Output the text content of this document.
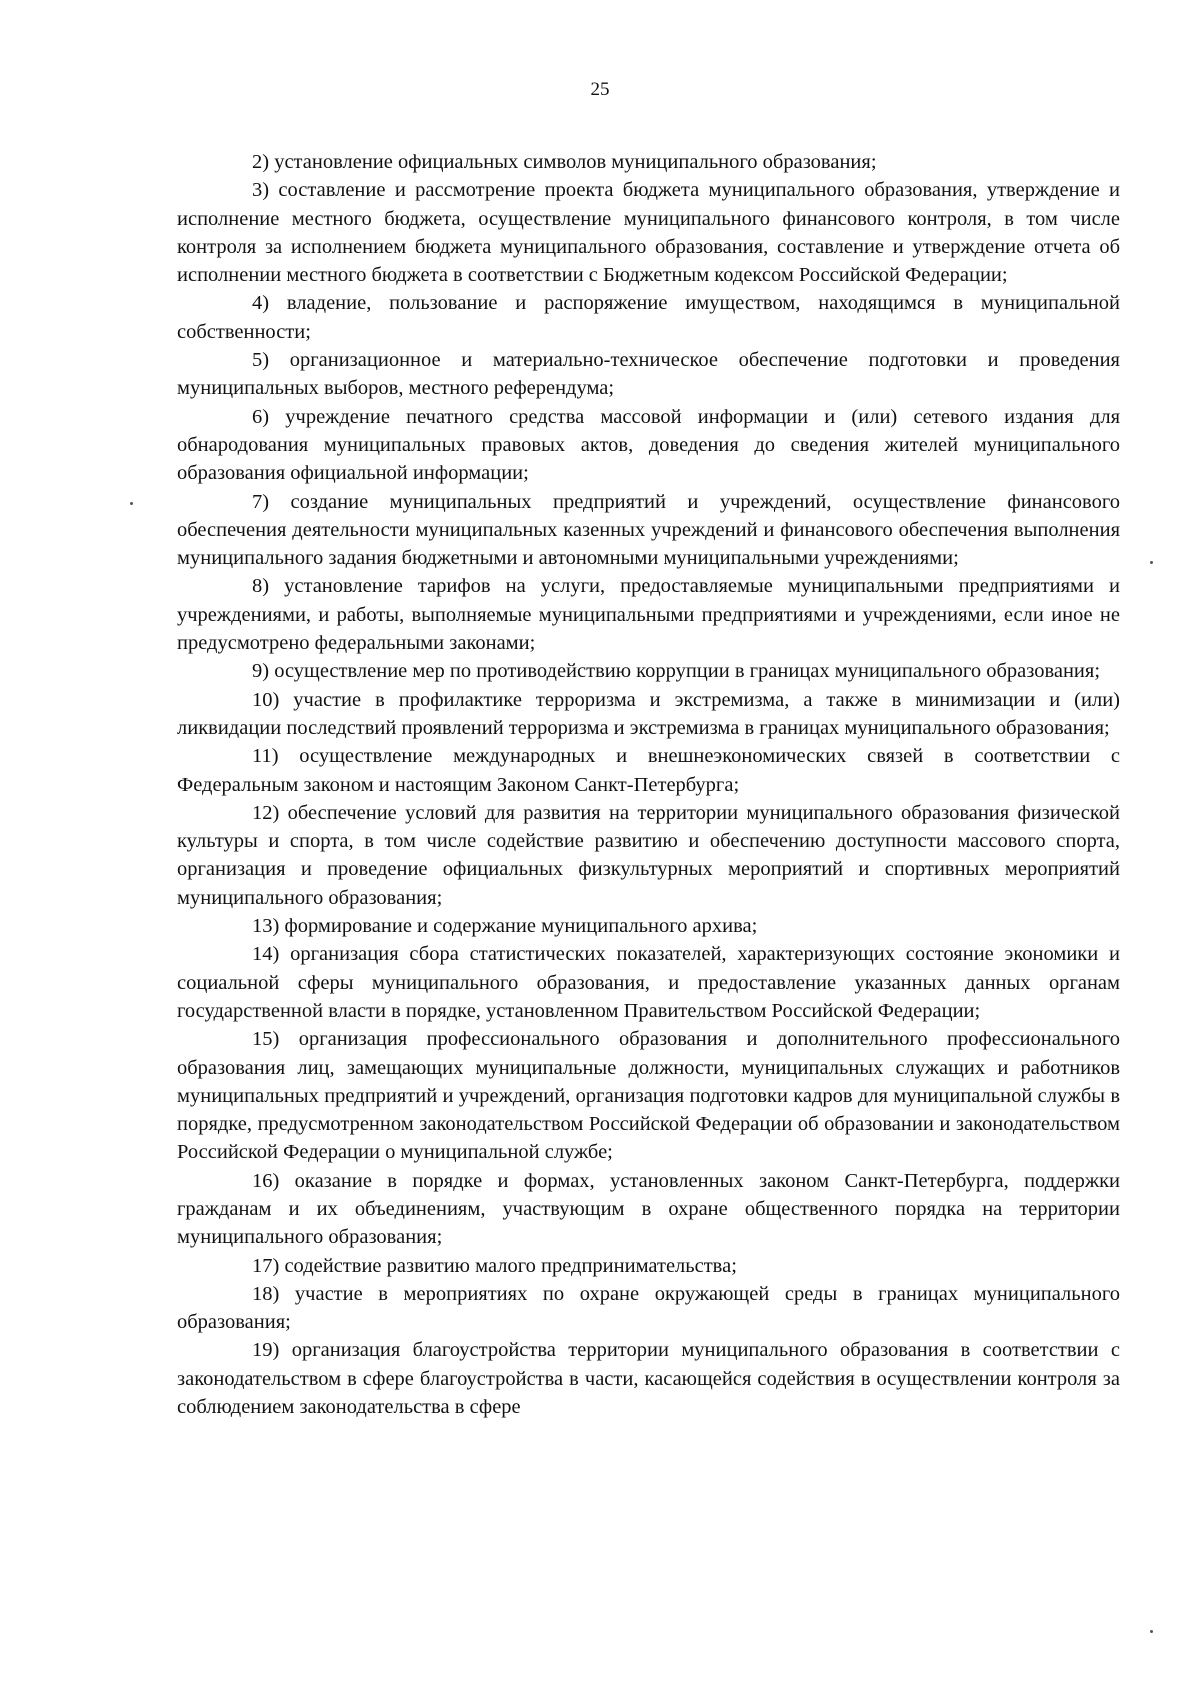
25

2) установление официальных символов муниципального образования;

3) составление и рассмотрение проекта бюджета муниципального образования, утверждение и исполнение местного бюджета, осуществление муниципального финансового контроля, в том числе контроля за исполнением бюджета муниципального образования, составление и утверждение отчета об исполнении местного бюджета в соответствии с Бюджетным кодексом Российской Федерации;

4) владение, пользование и распоряжение имуществом, находящимся в муниципальной собственности;

5) организационное и материально-техническое обеспечение подготовки и проведения муниципальных выборов, местного референдума;

6) учреждение печатного средства массовой информации и (или) сетевого издания для обнародования муниципальных правовых актов, доведения до сведения жителей муниципального образования официальной информации;

7) создание муниципальных предприятий и учреждений, осуществление финансового обеспечения деятельности муниципальных казенных учреждений и финансового обеспечения выполнения муниципального задания бюджетными и автономными муниципальными учреждениями;

8) установление тарифов на услуги, предоставляемые муниципальными предприятиями и учреждениями, и работы, выполняемые муниципальными предприятиями и учреждениями, если иное не предусмотрено федеральными законами;

9) осуществление мер по противодействию коррупции в границах муниципального образования;

10) участие в профилактике терроризма и экстремизма, а также в минимизации и (или) ликвидации последствий проявлений терроризма и экстремизма в границах муниципального образования;

11) осуществление международных и внешнеэкономических связей в соответствии с Федеральным законом и настоящим Законом Санкт-Петербурга;

12) обеспечение условий для развития на территории муниципального образования физической культуры и спорта, в том числе содействие развитию и обеспечению доступности массового спорта, организация и проведение официальных физкультурных мероприятий и спортивных мероприятий муниципального образования;

13) формирование и содержание муниципального архива;

14) организация сбора статистических показателей, характеризующих состояние экономики и социальной сферы муниципального образования, и предоставление указанных данных органам государственной власти в порядке, установленном Правительством Российской Федерации;

15) организация профессионального образования и дополнительного профессионального образования лиц, замещающих муниципальные должности, муниципальных служащих и работников муниципальных предприятий и учреждений, организация подготовки кадров для муниципальной службы в порядке, предусмотренном законодательством Российской Федерации об образовании и законодательством Российской Федерации о муниципальной службе;

16) оказание в порядке и формах, установленных законом Санкт-Петербурга, поддержки гражданам и их объединениям, участвующим в охране общественного порядка на территории муниципального образования;

17) содействие развитию малого предпринимательства;

18) участие в мероприятиях по охране окружающей среды в границах муниципального образования;

19) организация благоустройства территории муниципального образования в соответствии с законодательством в сфере благоустройства в части, касающейся содействия в осуществлении контроля за соблюдением законодательства в сфере
